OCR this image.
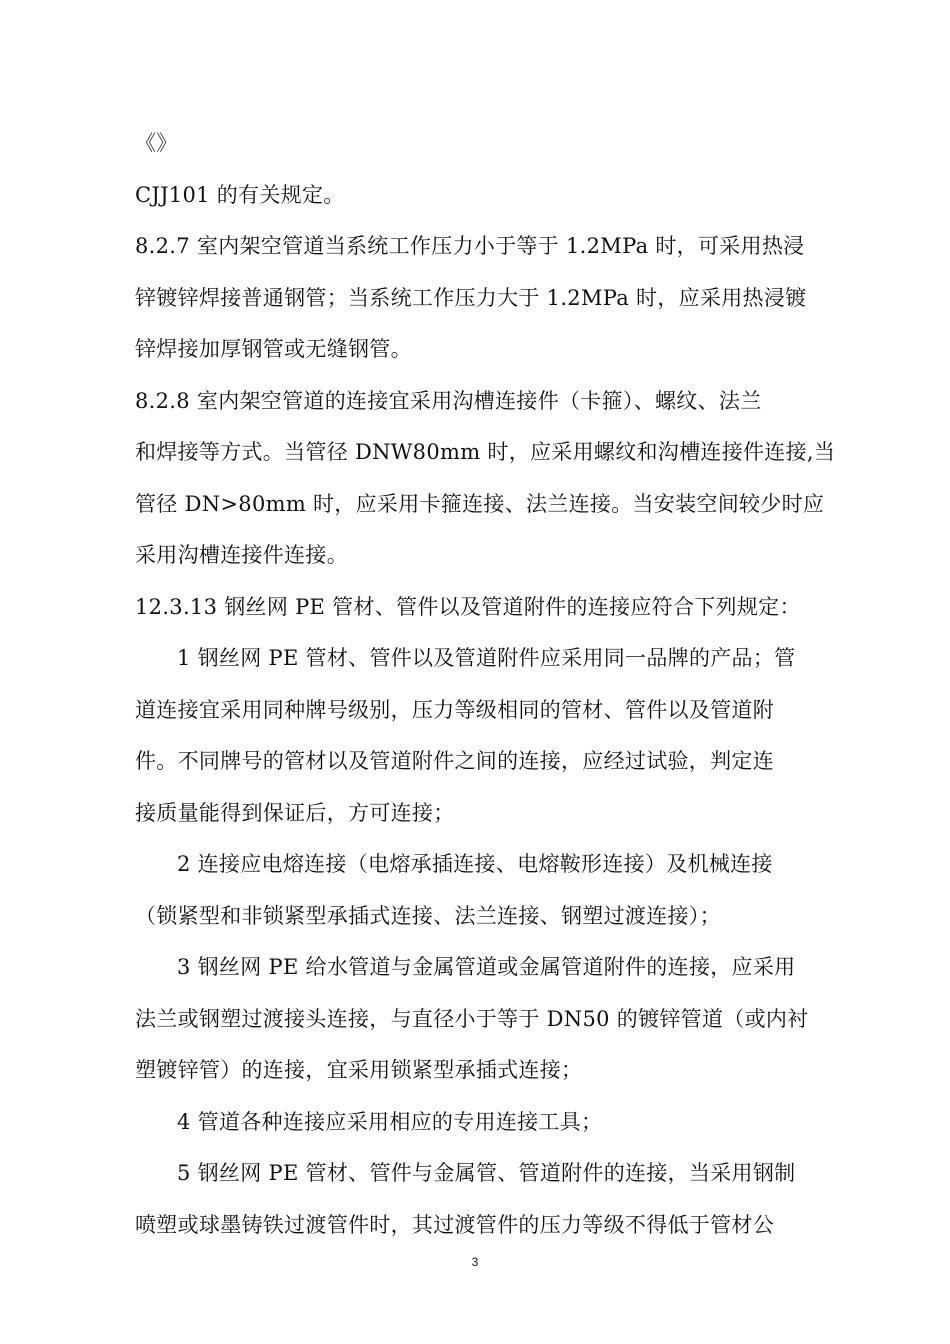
《》
CJJ101 的有关规定。
8.2.7 室内架空管道当系统工作压力小于等于 1.2MPa 时，可采用热浸
锌镀锌焊接普通钢管；当系统工作压力大于 1.2MPa 时，应采用热浸镀
锌焊接加厚钢管或无缝钢管。
8.2.8 室内架空管道的连接宜采用沟槽连接件（卡箍）、螺纹、法兰
和焊接等方式。当管径 DNW80mm 时，应采用螺纹和沟槽连接件连接,当
管径 DN>80mm 时，应采用卡箍连接、法兰连接。当安装空间较少时应
采用沟槽连接件连接。
12.3.13 钢丝网 PE 管材、管件以及管道附件的连接应符合下列规定：
1 钢丝网 PE 管材、管件以及管道附件应采用同一品牌的产品；管
道连接宜采用同种牌号级别，压力等级相同的管材、管件以及管道附
件。不同牌号的管材以及管道附件之间的连接，应经过试验，判定连
接质量能得到保证后，方可连接；
2 连接应电熔连接（电熔承插连接、电熔鞍形连接）及机械连接
（锁紧型和非锁紧型承插式连接、法兰连接、钢塑过渡连接）；
3 钢丝网 PE 给水管道与金属管道或金属管道附件的连接，应采用
法兰或钢塑过渡接头连接，与直径小于等于 DN50 的镀锌管道（或内衬
塑镀锌管）的连接，宜采用锁紧型承插式连接；
4 管道各种连接应采用相应的专用连接工具；
5 钢丝网 PE 管材、管件与金属管、管道附件的连接，当采用钢制
喷塑或球墨铸铁过渡管件时，其过渡管件的压力等级不得低于管材公
3
